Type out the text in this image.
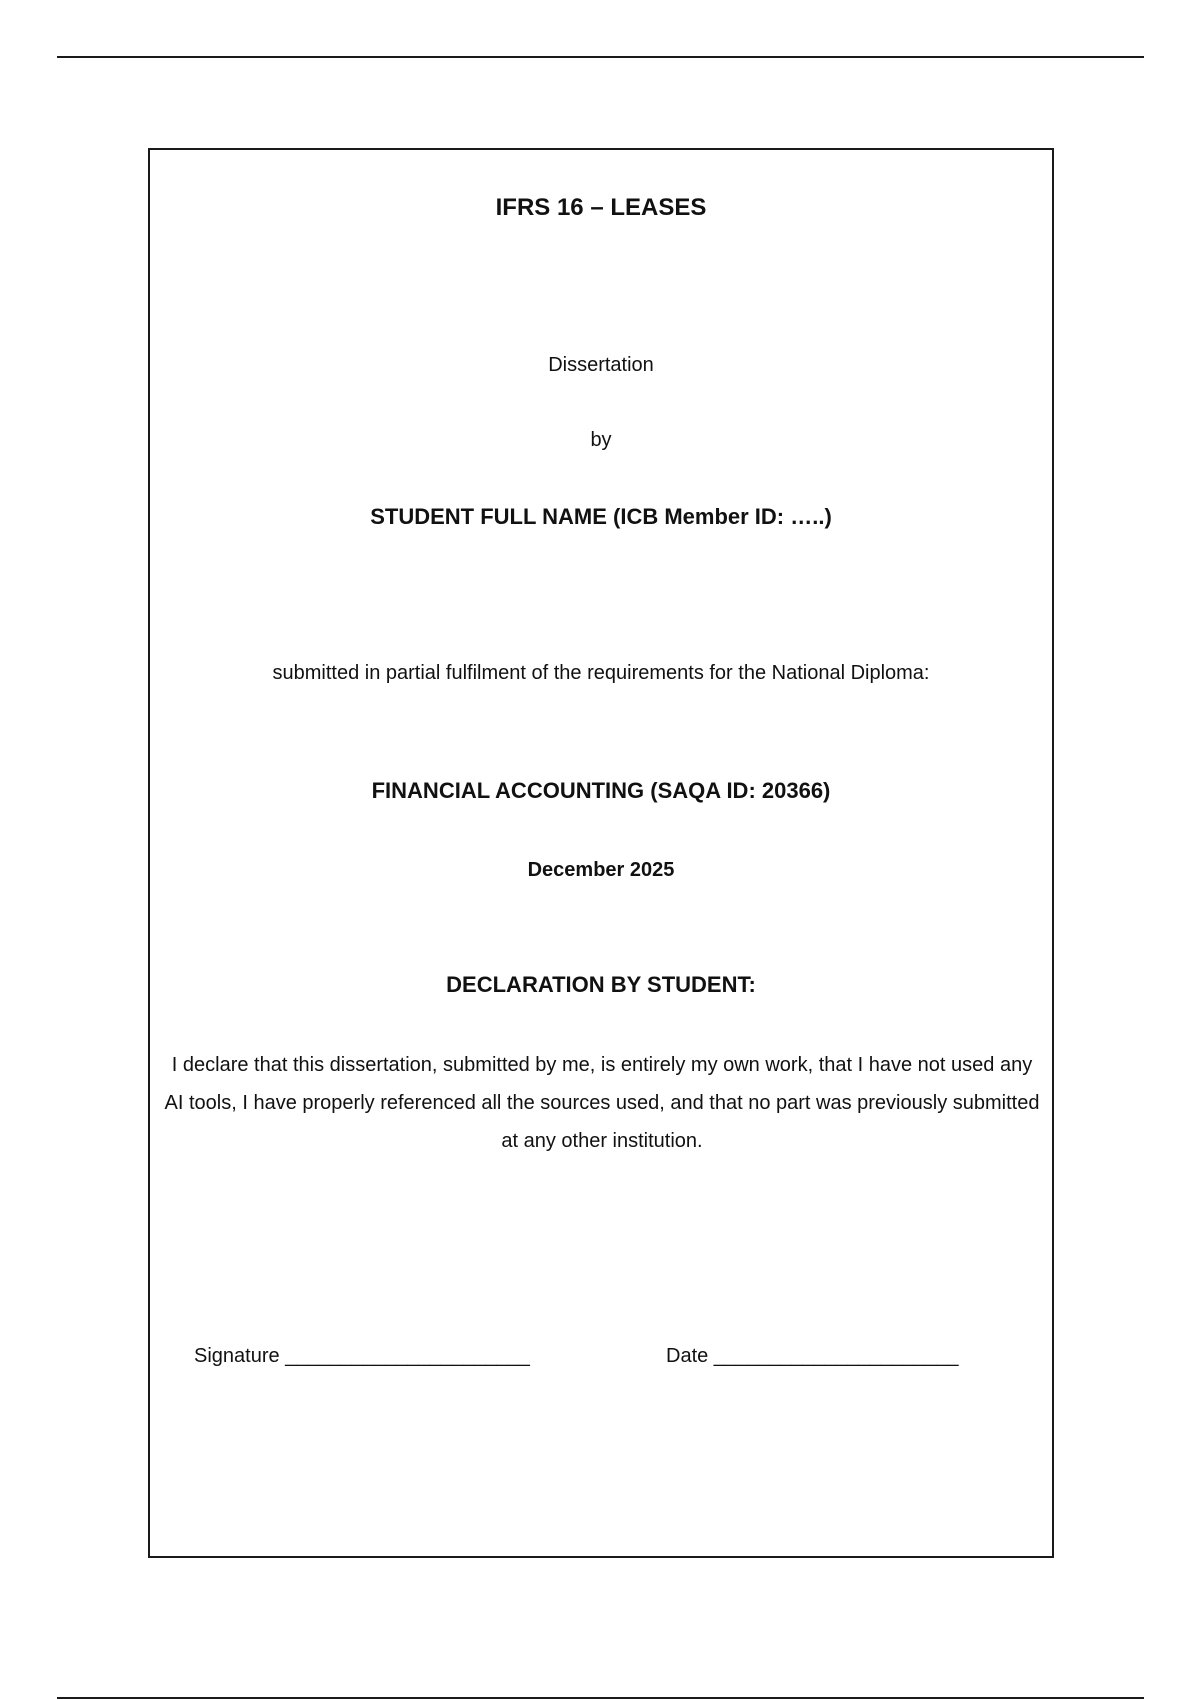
IFRS 16 – LEASES
Dissertation
by
STUDENT FULL NAME (ICB Member ID: …..)
submitted in partial fulfilment of the requirements for the National Diploma:
FINANCIAL ACCOUNTING (SAQA ID: 20366)
December 2025
DECLARATION BY STUDENT:
I declare that this dissertation, submitted by me, is entirely my own work, that I have not used any AI tools, I have properly referenced all the sources used, and that no part was previously submitted at any other institution.
Signature ______________________	Date ______________________
